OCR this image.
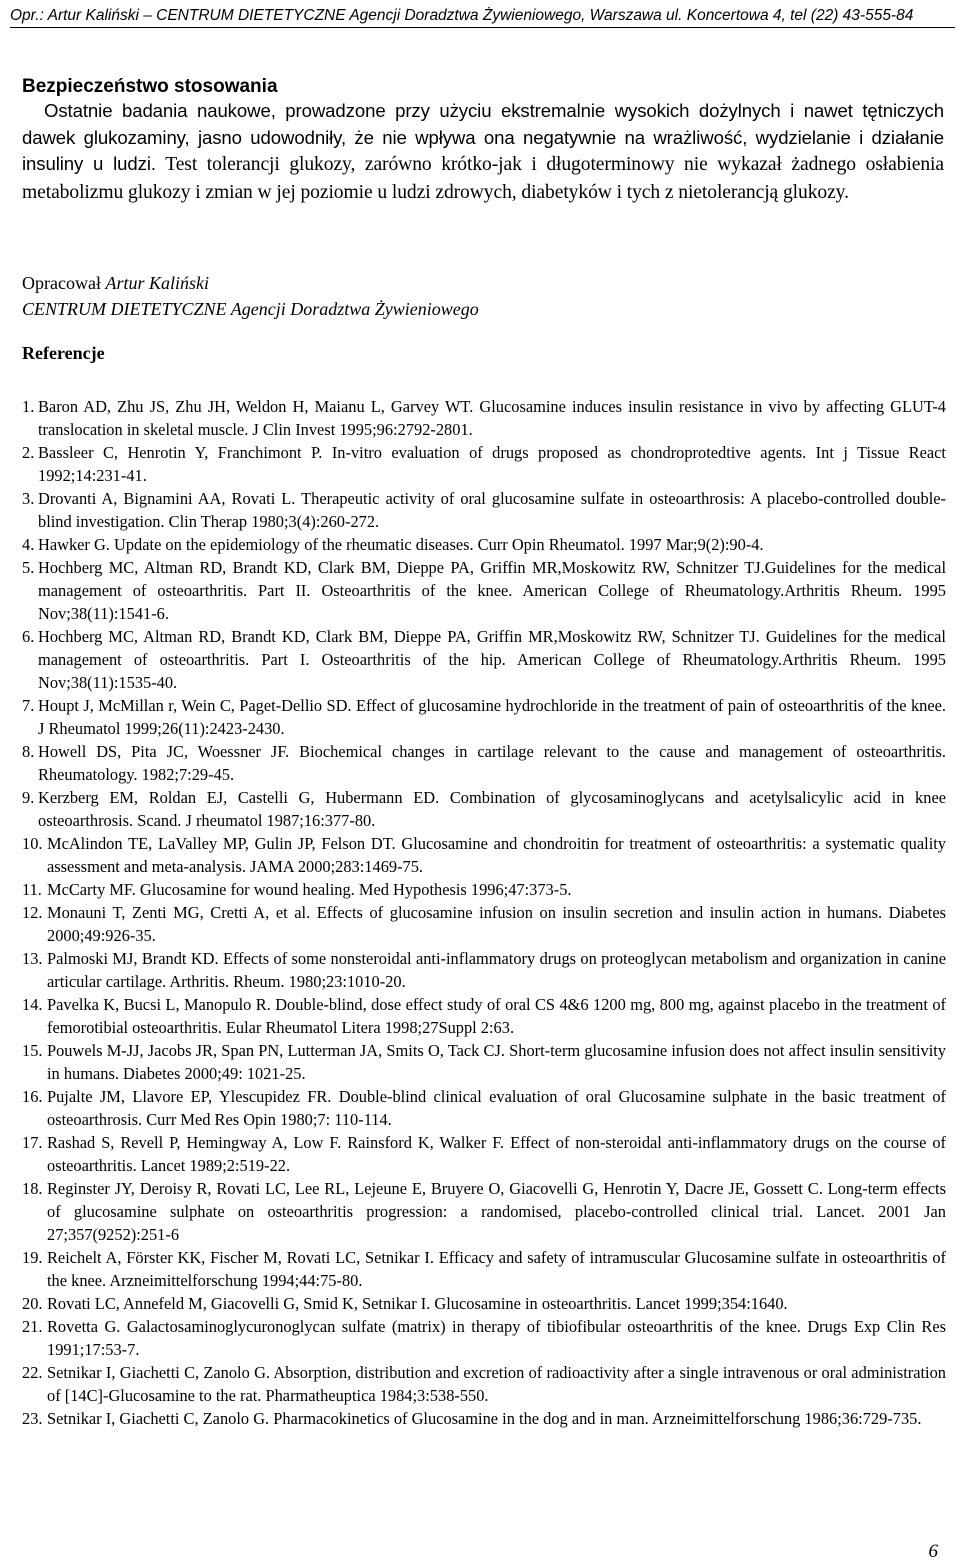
Opr.: Artur Kaliński – CENTRUM DIETETYCZNE Agencji Doradztwa Żywieniowego, Warszawa ul. Koncertowa 4, tel (22) 43-555-84
Bezpieczeństwo stosowania

Ostatnie badania naukowe, prowadzone przy użyciu ekstremalnie wysokich dożylnych i nawet tętniczych dawek glukozaminy, jasno udowodniły, że nie wpływa ona negatywnie na wrażliwość, wydzielanie i działanie insuliny u ludzi. Test tolerancji glukozy, zarówno krótko-jak i długoterminowy nie wykazał żadnego osłabienia metabolizmu glukozy i zmian w jej poziomie u ludzi zdrowych, diabetyków i tych z nietolerancją glukozy.

Opracował Artur Kaliński
CENTRUM DIETETYCZNE Agencji Doradztwa Żywieniowego
Referencje
1. Baron AD, Zhu JS, Zhu JH, Weldon H, Maianu L, Garvey WT. Glucosamine induces insulin resistance in vivo by affecting GLUT-4 translocation in skeletal muscle. J Clin Invest 1995;96:2792-2801.
2. Bassleer C, Henrotin Y, Franchimont P. In-vitro evaluation of drugs proposed as chondroprotedtive agents. Int j Tissue React 1992;14:231-41.
3. Drovanti A, Bignamini AA, Rovati L. Therapeutic activity of oral glucosamine sulfate in osteoarthrosis: A placebo-controlled double-blind investigation. Clin Therap 1980;3(4):260-272.
4. Hawker G. Update on the epidemiology of the rheumatic diseases. Curr Opin Rheumatol. 1997 Mar;9(2):90-4.
5. Hochberg MC, Altman RD, Brandt KD, Clark BM, Dieppe PA, Griffin MR,Moskowitz RW, Schnitzer TJ.Guidelines for the medical management of osteoarthritis. Part II. Osteoarthritis of the knee. American College of Rheumatology.Arthritis Rheum. 1995 Nov;38(11):1541-6.
6. Hochberg MC, Altman RD, Brandt KD, Clark BM, Dieppe PA, Griffin MR,Moskowitz RW, Schnitzer TJ. Guidelines for the medical management of osteoarthritis. Part I. Osteoarthritis of the hip. American College of Rheumatology.Arthritis Rheum. 1995 Nov;38(11):1535-40.
7. Houpt J, McMillan r, Wein C, Paget-Dellio SD. Effect of glucosamine hydrochloride in the treatment of pain of osteoarthritis of the knee. J Rheumatol 1999;26(11):2423-2430.
8. Howell DS, Pita JC, Woessner JF. Biochemical changes in cartilage relevant to the cause and management of osteoarthritis. Rheumatology. 1982;7:29-45.
9. Kerzberg EM, Roldan EJ, Castelli G, Hubermann ED. Combination of glycosaminoglycans and acetylsalicylic acid in knee osteoarthrosis. Scand. J rheumatol 1987;16:377-80.
10. McAlindon TE, LaValley MP, Gulin JP, Felson DT. Glucosamine and chondroitin for treatment of osteoarthritis: a systematic quality assessment and meta-analysis. JAMA 2000;283:1469-75.
11. McCarty MF. Glucosamine for wound healing. Med Hypothesis 1996;47:373-5.
12. Monauni T, Zenti MG, Cretti A, et al. Effects of glucosamine infusion on insulin secretion and insulin action in humans. Diabetes 2000;49:926-35.
13. Palmoski MJ, Brandt KD. Effects of some nonsteroidal anti-inflammatory drugs on proteoglycan metabolism and organization in canine articular cartilage. Arthritis. Rheum. 1980;23:1010-20.
14. Pavelka K, Bucsi L, Manopulo R. Double-blind, dose effect study of oral CS 4&6 1200 mg, 800 mg, against placebo in the treatment of femorotibial osteoarthritis. Eular Rheumatol Litera 1998;27Suppl 2:63.
15. Pouwels M-JJ, Jacobs JR, Span PN, Lutterman JA, Smits O, Tack CJ. Short-term glucosamine infusion does not affect insulin sensitivity in humans. Diabetes 2000;49: 1021-25.
16. Pujalte JM, Llavore EP, Ylescupidez FR. Double-blind clinical evaluation of oral Glucosamine sulphate in the basic treatment of osteoarthrosis. Curr Med Res Opin 1980;7: 110-114.
17. Rashad S, Revell P, Hemingway A, Low F. Rainsford K, Walker F. Effect of non-steroidal anti-inflammatory drugs on the course of osteoarthritis. Lancet 1989;2:519-22.
18. Reginster JY, Deroisy R, Rovati LC, Lee RL, Lejeune E, Bruyere O, Giacovelli G, Henrotin Y, Dacre JE, Gossett C. Long-term effects of glucosamine sulphate on osteoarthritis progression: a randomised, placebo-controlled clinical trial. Lancet. 2001 Jan 27;357(9252):251-6
19. Reichelt A, Förster KK, Fischer M, Rovati LC, Setnikar I. Efficacy and safety of intramuscular Glucosamine sulfate in osteoarthritis of the knee. Arzneimittelforschung 1994;44:75-80.
20. Rovati LC, Annefeld M, Giacovelli G, Smid K, Setnikar I. Glucosamine in osteoarthritis. Lancet 1999;354:1640.
21. Rovetta G. Galactosaminoglycuronoglycan sulfate (matrix) in therapy of tibiofibular osteoarthritis of the knee. Drugs Exp Clin Res 1991;17:53-7.
22. Setnikar I, Giachetti C, Zanolo G. Absorption, distribution and excretion of radioactivity after a single intravenous or oral administration of [14C]-Glucosamine to the rat. Pharmatheuptica 1984;3:538-550.
23. Setnikar I, Giachetti C, Zanolo G. Pharmacokinetics of Glucosamine in the dog and in man. Arzneimittelforschung 1986;36:729-735.
6
